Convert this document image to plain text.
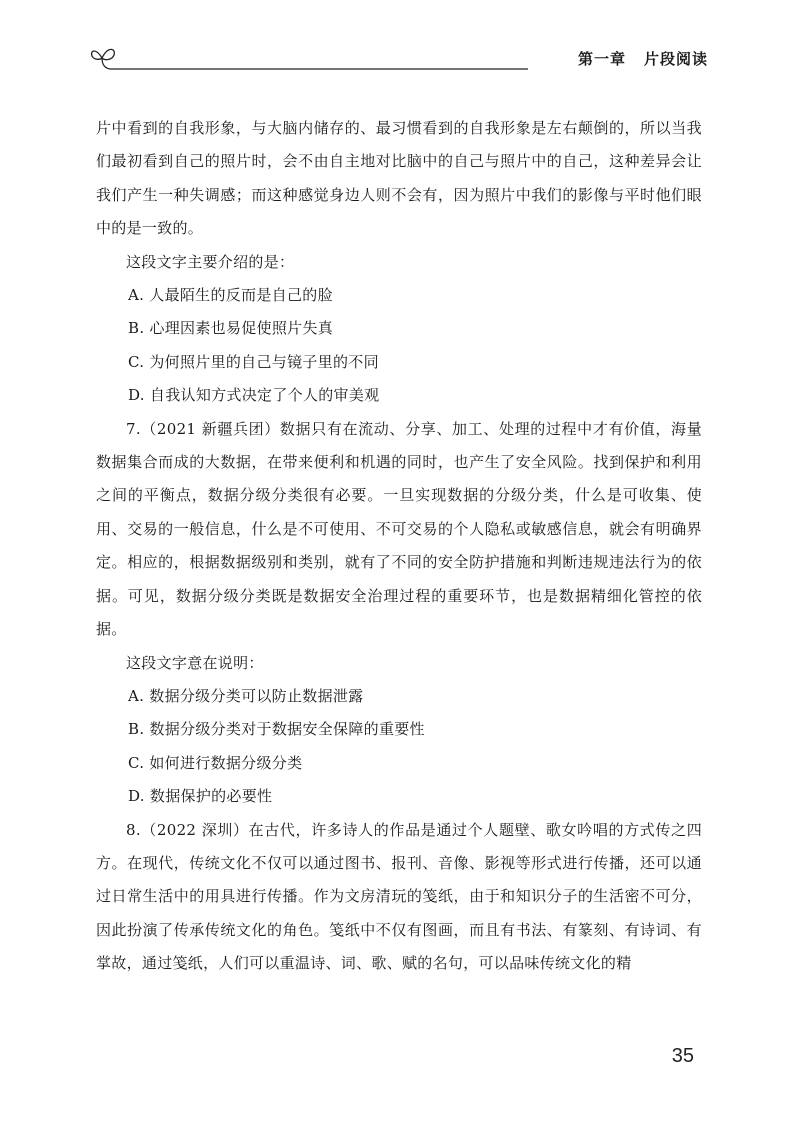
第一章 片段阅读

片中看到的自我形象，与大脑内储存的、最习惯看到的自我形象是左右颠倒的，所以当我们最初看到自己的照片时，会不由自主地对比脑中的自己与照片中的自己，这种差异会让我们产生一种失调感；而这种感觉身边人则不会有，因为照片中我们的影像与平时他们眼中的是一致的。

这段文字主要介绍的是：

A. 人最陌生的反而是自己的脸

B. 心理因素也易促使照片失真

C. 为何照片里的自己与镜子里的不同

D. 自我认知方式决定了个人的审美观

7.（2021 新疆兵团）数据只有在流动、分享、加工、处理的过程中才有价值，海量数据集合而成的大数据，在带来便利和机遇的同时，也产生了安全风险。找到保护和利用之间的平衡点，数据分级分类很有必要。一旦实现数据的分级分类，什么是可收集、使用、交易的一般信息，什么是不可使用、不可交易的个人隐私或敏感信息，就会有明确界定。相应的，根据数据级别和类别，就有了不同的安全防护措施和判断违规违法行为的依据。可见，数据分级分类既是数据安全治理过程的重要环节，也是数据精细化管控的依据。

这段文字意在说明：

A. 数据分级分类可以防止数据泄露

B. 数据分级分类对于数据安全保障的重要性

C. 如何进行数据分级分类

D. 数据保护的必要性

8.（2022 深圳）在古代，许多诗人的作品是通过个人题壁、歌女吟唱的方式传之四方。在现代，传统文化不仅可以通过图书、报刊、音像、影视等形式进行传播，还可以通过日常生活中的用具进行传播。作为文房清玩的笺纸，由于和知识分子的生活密不可分，因此扮演了传承传统文化的角色。笺纸中不仅有图画，而且有书法、有篆刻、有诗词、有掌故，通过笺纸，人们可以重温诗、词、歌、赋的名句，可以品味传统文化的精

35
